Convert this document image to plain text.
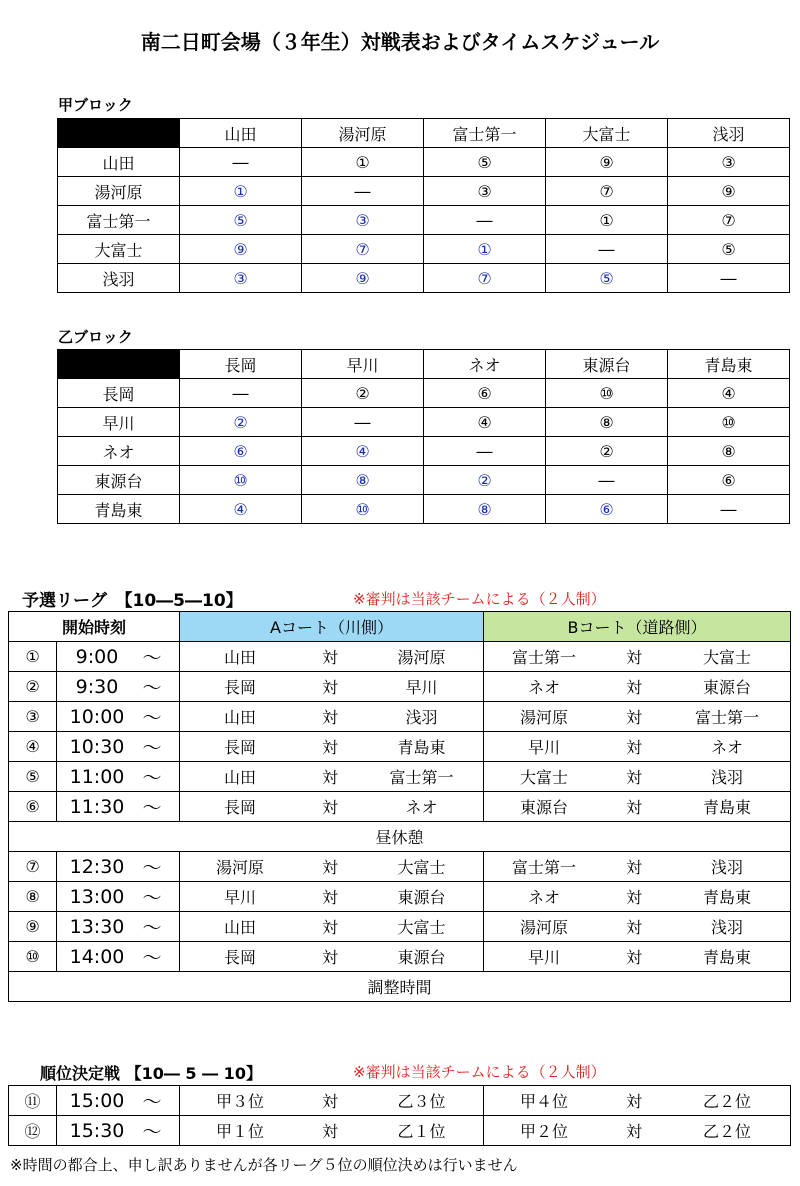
南二日町会場（３年生）対戦表およびタイムスケジュール
甲ブロック
	山田	湯河原	富士第一	大富士	浅羽
山田	―	①	⑤	⑨	③
湯河原	①	―	③	⑦	⑨
富士第一	⑤	③	―	①	⑦
大富士	⑨	⑦	①	―	⑤
浅羽	③	⑨	⑦	⑤	―
乙ブロック
	長岡	早川	ネオ	東源台	青島東
長岡	―	②	⑥	⑩	④
早川	②	―	④	⑧	⑩
ネオ	⑥	④	―	②	⑧
東源台	⑩	⑧	②	―	⑥
青島東	④	⑩	⑧	⑥	―
予選リーグ　【10―5―10】	※審判は当該チームによる（２人制）
開始時刻		Aコート（川側）	Bコート（道路側）
①	9:00 〜	山田 対 湯河原	富士第一 対 大富士

②	9:30 〜	長岡 対 早川	ネオ 対 東源台

③	10:00 〜	山田 対 浅羽	湯河原 対 富士第一

④	10:30 〜	長岡 対 青島東	早川 対 ネオ

⑤	11:00 〜	山田 対 富士第一	大富士 対 浅羽

⑥	11:30 〜	長岡 対 ネオ	東源台 対 青島東

昼休憩			
⑦	12:30 〜	湯河原 対 大富士	富士第一 対 浅羽

⑧	13:00 〜	早川 対 東源台	ネオ 対 青島東

⑨	13:30 〜	山田 対 大富士	湯河原 対 浅羽

⑩	14:00 〜	長岡 対 東源台	早川 対 青島東

調整時間			
順位決定戦 【10― 5 ― 10】	※審判は当該チームによる（２人制）
⑪	15:00 〜	甲３位 対 乙３位	甲４位 対 乙２位

⑫	15:30 〜	甲１位 対 乙１位	甲２位 対 乙２位
※時間の都合上、申し訳ありませんが各リーグ５位の順位決めは行いません
